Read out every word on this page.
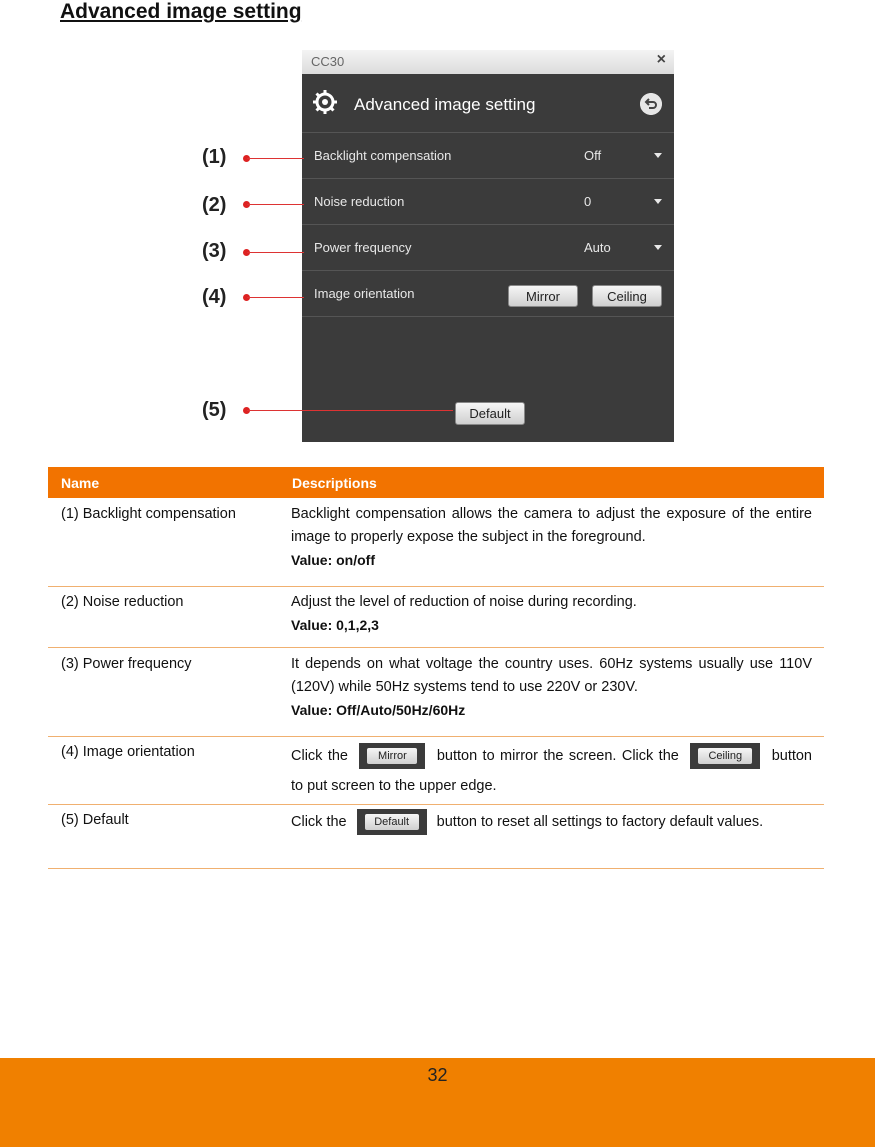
Advanced image setting
CC30	×
Advanced image setting
Backlight compensation	Off
Noise reduction	0
Power frequency	Auto
Image orientation	Mirror	Ceiling
Default
(1)
(2)
(3)
(4)
(5)
Name	Descriptions
(1) Backlight compensation	Backlight compensation allows the camera to adjust the exposure of the entire image to properly expose the subject in the foreground.
Value: on/off
(2) Noise reduction	Adjust the level of reduction of noise during recording.
Value: 0,1,2,3
(3) Power frequency	It depends on what voltage the country uses. 60Hz systems usually use 110V (120V) while 50Hz systems tend to use 220V or 230V.
Value: Off/Auto/50Hz/60Hz
(4) Image orientation	Click the	Mirror	button to mirror the screen. Click the	Ceiling	button to put screen to the upper edge.
(5) Default	Click the	Default	button to reset all settings to factory default values.
32
